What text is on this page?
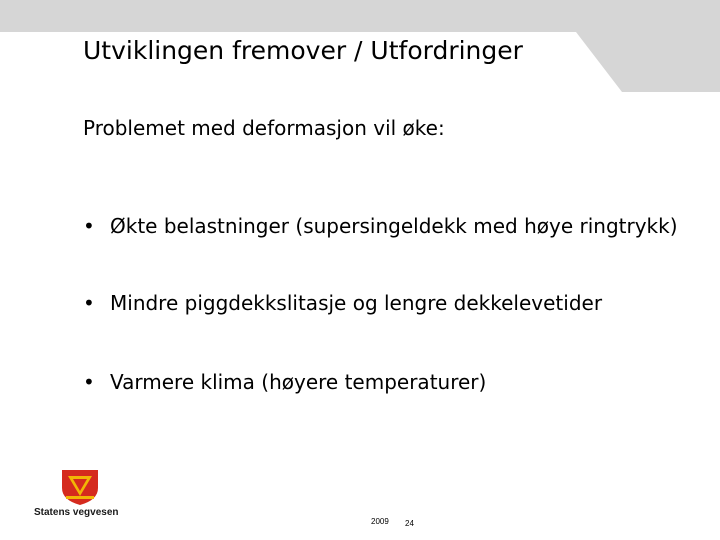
Utviklingen fremover / Utfordringer
Problemet med deformasjon vil øke:
• Økte belastninger (supersingeldekk med høye ringtrykk)
• Mindre piggdekkslitasje og lengre dekkelevetider
• Varmere klima (høyere temperaturer)
Statens vegvesen
2009 24
